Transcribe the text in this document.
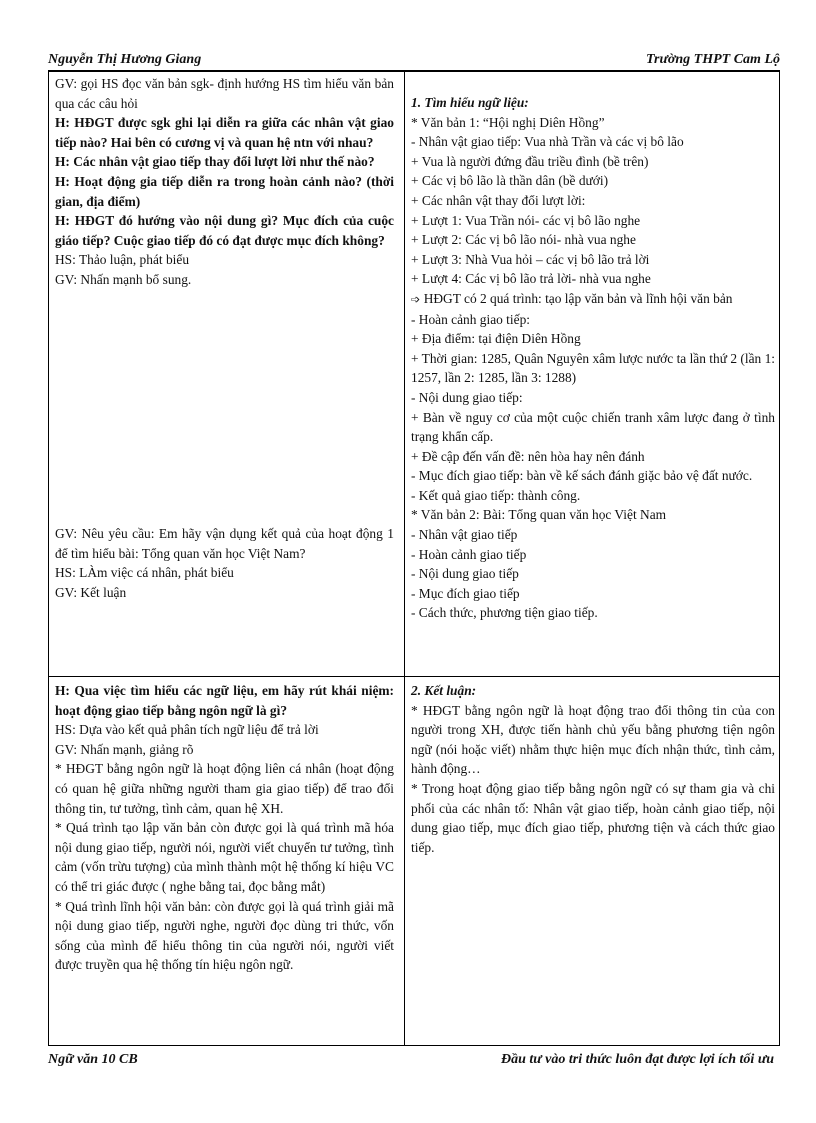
Nguyễn Thị Hương Giang	Trường THPT Cam Lộ

GV: gọi HS đọc văn bản sgk- định hướng HS tìm hiểu văn bản qua các câu hỏi

H: HĐGT được sgk ghi lại diễn ra giữa các nhân vật giao tiếp nào? Hai bên có cương vị và quan hệ ntn với nhau?

H: Các nhân vật giao tiếp thay đổi lượt lời như thế nào?

H: Hoạt động gia tiếp diễn ra trong hoàn cảnh nào? (thời gian, địa điểm)

H: HĐGT đó hướng vào nội dung gì? Mục đích của cuộc giáo tiếp? Cuộc giao tiếp đó có đạt được mục đích không?

HS: Thảo luận, phát biểu

GV: Nhấn mạnh bổ sung.

GV: Nêu yêu cầu: Em hãy vận dụng kết quả của hoạt động 1 để tìm hiểu bài: Tổng quan văn học Việt Nam?

HS: LÀm việc cá nhân, phát biểu

GV: Kết luận

H: Qua việc tìm hiểu các ngữ liệu, em hãy rút khái niệm: hoạt động giao tiếp bằng ngôn ngữ là gì?

HS: Dựa vào kết quả phân tích ngữ liệu để trả lời

GV: Nhấn mạnh, giảng rõ

* HĐGT bằng ngôn ngữ là hoạt động liên cá nhân (hoạt động có quan hệ giữa những người tham gia giao tiếp) để trao đổi thông tin, tư tưởng, tình cảm, quan hệ XH.

* Quá trình tạo lập văn bản còn được gọi là quá trình mã hóa nội dung giao tiếp, người nói, người viết chuyển tư tưởng, tình cảm (vốn trừu tượng) của mình thành một hệ thống kí hiệu VC có thể tri giác được ( nghe bằng tai, đọc bằng mắt)

* Quá trình lĩnh hội văn bản: còn được gọi là quá trình giải mã nội dung giao tiếp, người nghe, người đọc dùng tri thức, vốn sống của mình để hiểu thông tin của người nói, người viết được truyền qua hệ thống tín hiệu ngôn ngữ.

1. Tìm hiểu ngữ liệu:

* Văn bản 1: “Hội nghị Diên Hồng”

- Nhân vật giao tiếp: Vua nhà Trần và các vị bô lão

+ Vua là người đứng đầu triều đình (bề trên)

+ Các vị bô lão là thần dân (bề dưới)

+ Các nhân vật thay đổi lượt lời:

+ Lượt 1: Vua Trần nói- các vị bô lão nghe

+ Lượt 2: Các vị bô lão nói- nhà vua nghe

+ Lượt 3: Nhà Vua hỏi – các vị bô lão trả lời

+ Lượt 4: Các vị bô lão trả lời- nhà vua nghe

➩ HĐGT có 2 quá trình: tạo lập văn bản và lĩnh hội văn bản

- Hoàn cảnh giao tiếp:

+ Địa điểm: tại điện Diên Hồng

+ Thời gian: 1285, Quân Nguyên xâm lược nước ta lần thứ 2 (lần 1: 1257, lần 2: 1285, lần 3: 1288)

- Nội dung giao tiếp:

+ Bàn về nguy cơ của một cuộc chiến tranh xâm lược đang ở tình trạng khẩn cấp.

+ Đề cập đến vấn đề: nên hòa hay nên đánh

- Mục đích giao tiếp: bàn về kế sách đánh giặc bảo vệ đất nước.

- Kết quả giao tiếp: thành công.

* Văn bản 2: Bài: Tổng quan văn học Việt Nam

- Nhân vật giao tiếp

- Hoàn cảnh giao tiếp

- Nội dung giao tiếp

- Mục đích giao tiếp

- Cách thức, phương tiện giao tiếp.

2. Kết luận:

* HĐGT bằng ngôn ngữ là hoạt động trao đổi thông tin của con người trong XH, được tiến hành chủ yếu bằng phương tiện ngôn ngữ (nói hoặc viết) nhằm thực hiện mục đích nhận thức, tình cảm, hành động…

* Trong hoạt động giao tiếp bằng ngôn ngữ có sự tham gia và chi phối của các nhân tố: Nhân vật giao tiếp, hoàn cảnh giao tiếp, nội dung giao tiếp, mục đích giao tiếp, phương tiện và cách thức giao tiếp.

Ngữ văn 10 CB	Đầu tư vào tri thức luôn đạt được lợi ích tối ưu
